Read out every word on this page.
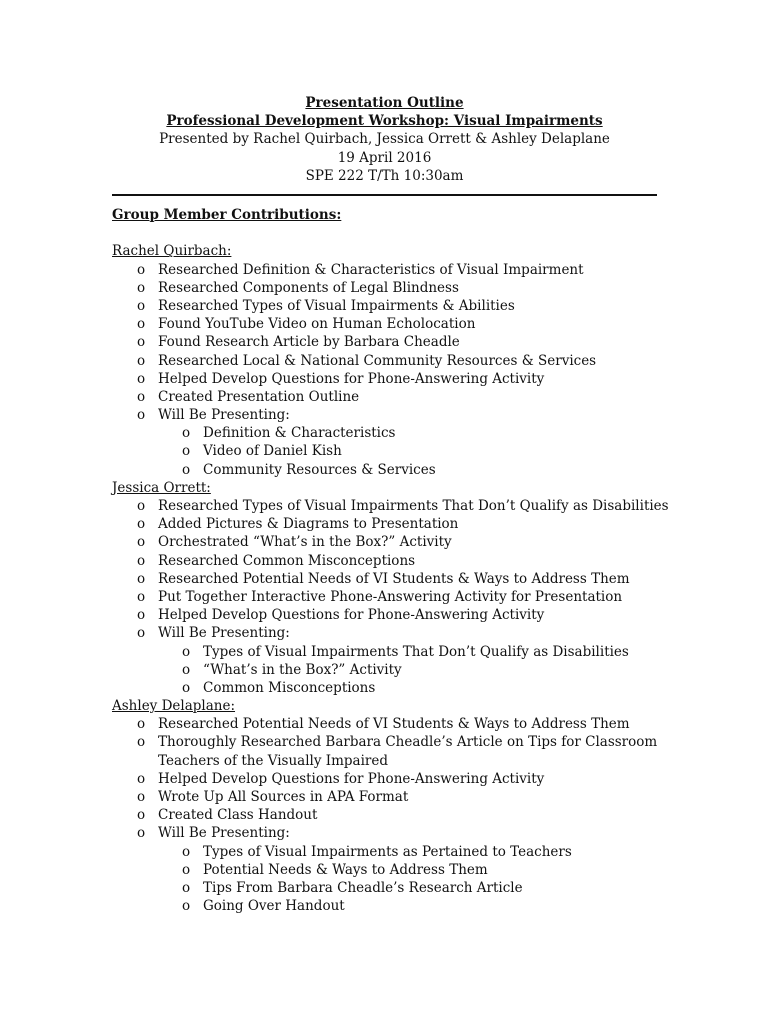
Presentation Outline
Professional Development Workshop: Visual Impairments
Presented by Rachel Quirbach, Jessica Orrett & Ashley Delaplane
19 April 2016
SPE 222 T/Th 10:30am
Group Member Contributions:
Rachel Quirbach:
o Researched Definition & Characteristics of Visual Impairment
o Researched Components of Legal Blindness
o Researched Types of Visual Impairments & Abilities
o Found YouTube Video on Human Echolocation
o Found Research Article by Barbara Cheadle
o Researched Local & National Community Resources & Services
o Helped Develop Questions for Phone-Answering Activity
o Created Presentation Outline
o Will Be Presenting:
o Definition & Characteristics
o Video of Daniel Kish
o Community Resources & Services
Jessica Orrett:
o Researched Types of Visual Impairments That Don’t Qualify as Disabilities
o Added Pictures & Diagrams to Presentation
o Orchestrated “What’s in the Box?” Activity
o Researched Common Misconceptions
o Researched Potential Needs of VI Students & Ways to Address Them
o Put Together Interactive Phone-Answering Activity for Presentation
o Helped Develop Questions for Phone-Answering Activity
o Will Be Presenting:
o Types of Visual Impairments That Don’t Qualify as Disabilities
o “What’s in the Box?” Activity
o Common Misconceptions
Ashley Delaplane:
o Researched Potential Needs of VI Students & Ways to Address Them
o Thoroughly Researched Barbara Cheadle’s Article on Tips for Classroom
Teachers of the Visually Impaired
o Helped Develop Questions for Phone-Answering Activity
o Wrote Up All Sources in APA Format
o Created Class Handout
o Will Be Presenting:
o Types of Visual Impairments as Pertained to Teachers
o Potential Needs & Ways to Address Them
o Tips From Barbara Cheadle’s Research Article
o Going Over Handout
